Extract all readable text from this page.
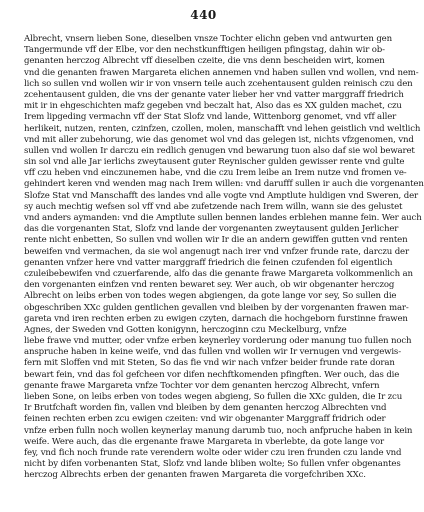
440
Albrecht, vnsern lieben Sone, dieselben vnsze Tochter elichn geben vnd antwurten gen
Tangermunde vff der Elbe, vor den nechstkunfftigen heiligen pfingstag, dahin wir ob-
genanten herczog Albrecht vff dieselben czeite, die vns denn bescheiden wirt, komen
vnd die genanten frawen Margareta elichen annemen vnd haben sullen vnd wollen, vnd nem-
lich so sullen vnd wollen wir ir von vnsern teile auch zcehentausent gulden reinisch czu den
zcehentausent gulden, die vns der genante vater lieber her vnd vatter marggraff friedrich
mit ir in ehgeschichten mafz gegeben vnd beczalt hat, Also das es XX gulden machet, czu
Irem lipgeding vermachn vff der Stat Slofz vnd lande, Wittenborg genomet, vnd vff aller
herlikeit, nutzen, renten, czinfzen, czollen, molen, manschafft vnd lehen geistlich vnd weltlich
vnd mit aller zubehorung, wie das genomet wol vnd das gelegen ist, nichts vfzgenomen, vnd
sullen vnd wollen Ir darczu ein redlich genugen vnd bewarung tuon also daf sie wol bewaret
sin sol vnd alle Jar ierlichs zweytausent guter Reynischer gulden gewisser rente vnd gulte
vff czu heben vnd einczunemen habe, vnd die czu Irem leibe an Irem nutze vnd fromen ve-
gehindert keren vnd wenden mag nach Irem willen: vnd darufff sullen ir auch die vorgenanten
Slofze Stat vnd Manschafft des landes vnd alle vogte vnd Amptlute huldigen vnd Sweren, der
sy auch mechtig wefsen sol vff vnd abe zufetzende nach Irem willn, wann sie des gelustet
vnd anders aymanden: vnd die Amptlute sullen bennen landes erblehen manne fein. Wer auch
das die vorgenanten Stat, Slofz vnd lande der vorgenanten zweytausent gulden Jerlicher
rente nicht enbetten, So sullen vnd wollen wir Ir die an andern gewiffen gutten vnd renten
beweifen vnd vermachen, da sie wol angenugt nach irer vnd vnfzer frunde rate, darczu der
genanten vnfzer here vnd vatter marggraff friedrich die feinen czufenden fol eigentlich
czuleibebewifen vnd czuerfarende, alfo das die genante frawe Margareta volkommenlich an
den vorgenanten einfzen vnd renten bewaret sey. Wer auch, ob wir obgenanter herczog
Albrecht on leibs erben von todes wegen abgiengen, da gote lange vor sey, So sullen die
obgeschriben XXc gulden gentlichen gevallen vnd bleiben by der vorgenanten frawen mar-
gareta vnd iren rechten erben zu ewigen czyten, darnach die hochgeborn furstinne frawen
Agnes, der Sweden vnd Gotten konigynn, herczoginn czu Meckelburg, vnfze
liebe frawe vnd mutter, oder vnfze erben keynerley vorderung oder manung tuo fullen noch
anspruche haben in keine weife, vnd das fullen vnd wollen wir Ir vernugen vnd vergewis-
fern mit Sloffen vnd mit Steten, So das fie vnd wir nach vnfzer beider frunde rate doran
bewart fein, vnd das fol gefcheen vor difen nechftkomenden pfingften. Wer ouch, das die
genante frawe Margareta vnfze Tochter vor dem genanten herczog Albrecht, vnfern
lieben Sone, on leibs erben von todes wegen abgieng, So fullen die XXc gulden, die Ir zcu
Ir Brutfchaft worden fin, vallen vnd bleiben by dem genanten herczog Albrechten vnd
feinen rechten erben zcu ewigen czeiten: vnd wir obgenanter Marggraff fridrich oder
vnfze erben fulln noch wollen keynerlay manung darumb tuo, noch anfpruche haben in kein
weife. Were auch, das die ergenante frawe Margareta in vberlebte, da gote lange vor
fey, vnd fich noch frunde rate verendern wolte oder wider czu iren frunden czu lande vnd
nicht by difen vorbenanten Stat, Slofz vnd lande bliben wolte; So fullen vnfer obgenantes
herczog Albrechts erben der genanten frawen Margareta die vorgefchriben XXc.
